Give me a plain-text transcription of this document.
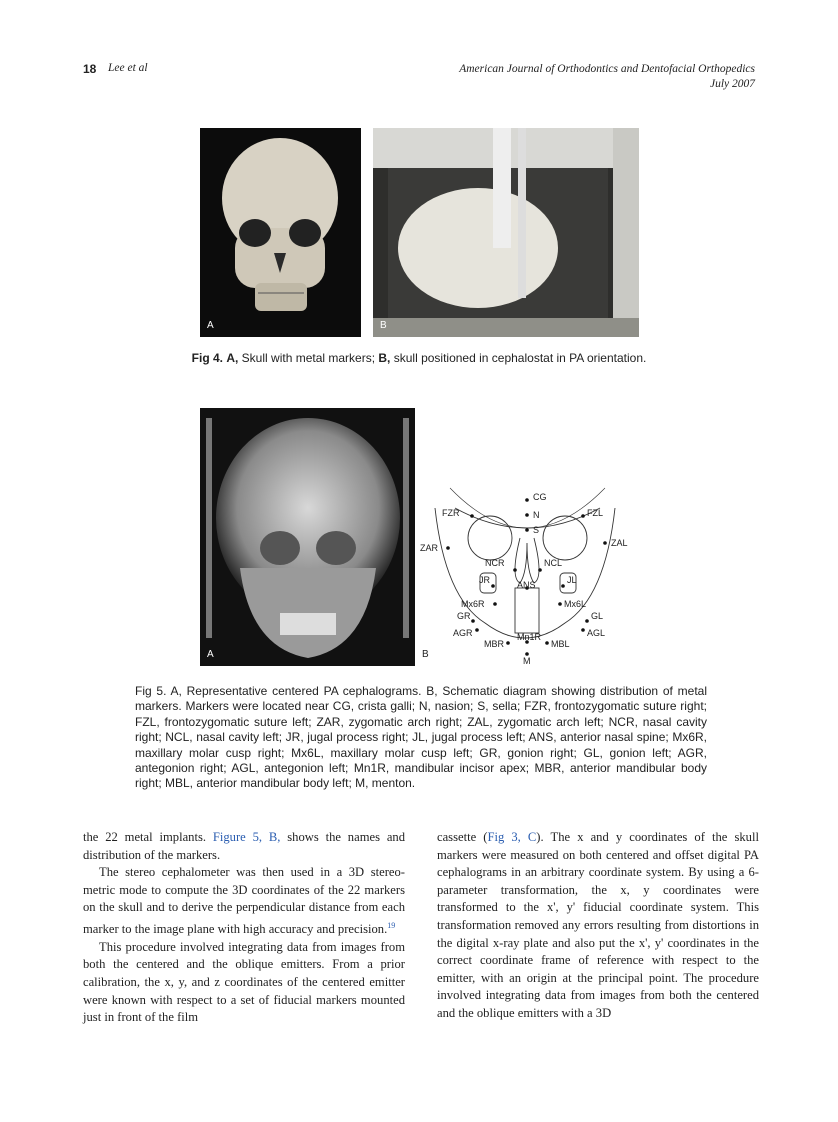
18 Lee et al	American Journal of Orthodontics and Dentofacial Orthopedics
July 2007
A	B
Fig 4. A, Skull with metal markers; B, skull positioned in cephalostat in PA orientation.
A
CG
N
S
FZR	FZL
ZAR	ZAL
NCR	NCL
JR	JL
ANS
Mx6R	Mx6L
GR	GL
AGR	AGL
MBR
Mn1R
MBL
M
B
Fig 5. A, Representative centered PA cephalograms. B, Schematic diagram showing distribution of metal markers. Markers were located near CG, crista galli; N, nasion; S, sella; FZR, frontozygomatic suture right; FZL, frontozygomatic suture left; ZAR, zygomatic arch right; ZAL, zygomatic arch left; NCR, nasal cavity right; NCL, nasal cavity left; JR, jugal process right; JL, jugal process left; ANS, anterior nasal spine; Mx6R, maxillary molar cusp right; Mx6L, maxillary molar cusp left; GR, gonion right; GL, gonion left; AGR, antegonion right; AGL, antegonion left; Mn1R, mandibular incisor apex; MBR, anterior mandibular body right; MBL, anterior mandibular body left; M, menton.

the 22 metal implants. Figure 5, B, shows the names and distribution of the markers.

The stereo cephalometer was then used in a 3D stereo-metric mode to compute the 3D coordinates of the 22 markers on the skull and to derive the perpendicular distance from each marker to the image plane with high accuracy and precision.$^{19}$

This procedure involved integrating data from images from both the centered and the oblique emitters. From a prior calibration, the x, y, and z coordinates of the centered emitter were known with respect to a set of fiducial markers mounted just in front of the film

cassette (Fig 3, C). The x and y coordinates of the skull markers were measured on both centered and offset digital PA cephalograms in an arbitrary coordinate system. By using a 6-parameter transformation, the x, y coordinates were transformed to the x', y' fiducial coordinate system. This transformation removed any errors resulting from distortions in the digital x-ray plate and also put the x', y' coordinates in the correct coordinate frame of reference with respect to the emitter, with an origin at the principal point. The procedure involved integrating data from images from both the centered and the oblique emitters with a 3D
